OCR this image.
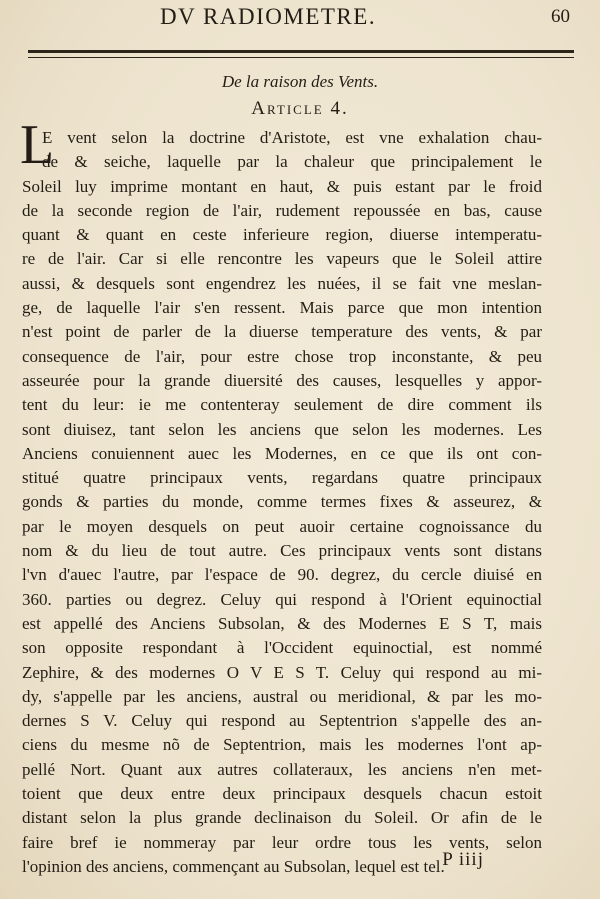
DV RADIOMETRE.	60
De la raison des Vents.
Article 4.
L
E vent selon la doctrine d'Aristote, est vne exhalation chau-
de & seiche, laquelle par la chaleur que principalement le
Soleil luy imprime montant en haut, & puis estant par le froid
de la seconde region de l'air, rudement repoussée en bas, cause
quant & quant en ceste inferieure region, diuerse intemperatu-
re de l'air. Car si elle rencontre les vapeurs que le Soleil attire
aussi, & desquels sont engendrez les nuées, il se fait vne meslan-
ge, de laquelle l'air s'en ressent. Mais parce que mon intention
n'est point de parler de la diuerse temperature des vents, & par
consequence de l'air, pour estre chose trop inconstante, & peu
asseurée pour la grande diuersité des causes, lesquelles y appor-
tent du leur: ie me contenteray seulement de dire comment ils
sont diuisez, tant selon les anciens que selon les modernes. Les
Anciens conuiennent auec les Modernes, en ce que ils ont con-
stitué quatre principaux vents, regardans quatre principaux
gonds & parties du monde, comme termes fixes & asseurez, &
par le moyen desquels on peut auoir certaine cognoissance du
nom & du lieu de tout autre. Ces principaux vents sont distans
l'vn d'auec l'autre, par l'espace de 90. degrez, du cercle diuisé en
360. parties ou degrez. Celuy qui respond à l'Orient equinoctial
est appellé des Anciens Subsolan, & des Modernes E S T, mais
son opposite respondant à l'Occident equinoctial, est nommé
Zephire, & des modernes O V E S T. Celuy qui respond au mi-
dy, s'appelle par les anciens, austral ou meridional, & par les mo-
dernes S V. Celuy qui respond au Septentrion s'appelle des an-
ciens du mesme nõ de Septentrion, mais les modernes l'ont ap-
pellé Nort. Quant aux autres collateraux, les anciens n'en met-
toient que deux entre deux principaux desquels chacun estoit
distant selon la plus grande declinaison du Soleil. Or afin de le
faire bref ie nommeray par leur ordre tous les vents, selon
l'opinion des anciens, commençant au Subsolan, lequel est tel.
P iiij
